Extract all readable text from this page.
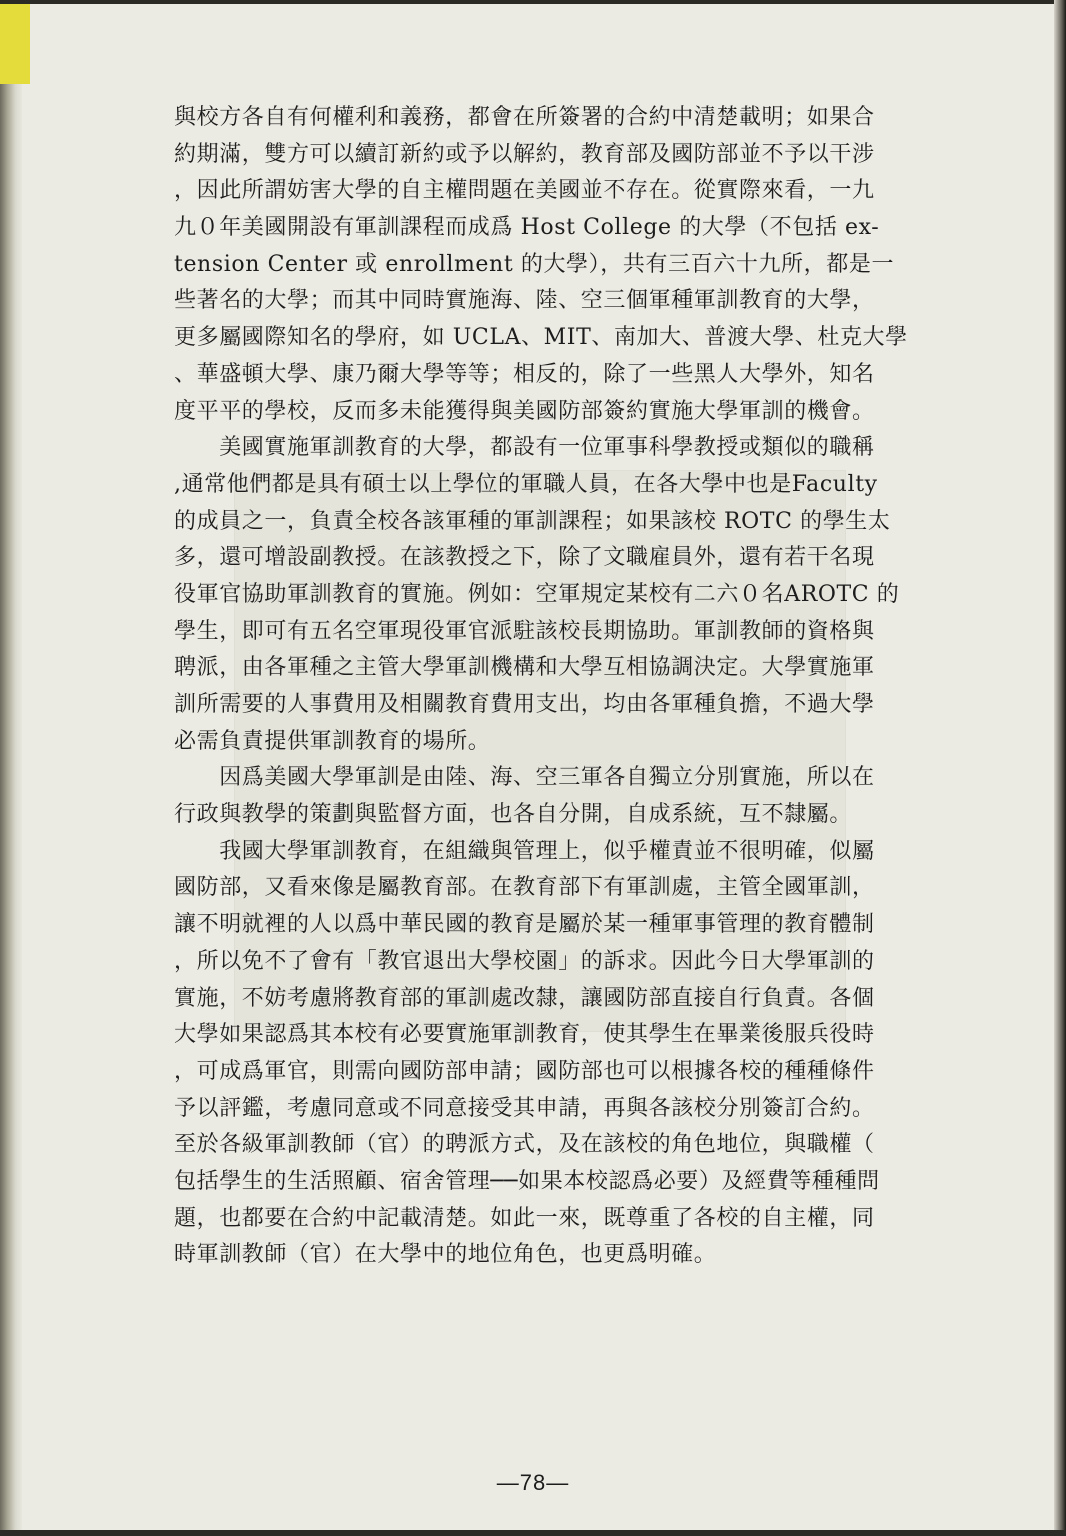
與校方各自有何權利和義務，都會在所簽署的合約中清楚載明；如果合
約期滿，雙方可以續訂新約或予以解約，教育部及國防部並不予以干涉
，因此所謂妨害大學的自主權問題在美國並不存在。從實際來看，一九
九０年美國開設有軍訓課程而成爲 Host College 的大學（不包括 ex-
tension Center 或 enrollment 的大學），共有三百六十九所，都是一
些著名的大學；而其中同時實施海、陸、空三個軍種軍訓教育的大學，
更多屬國際知名的學府，如 UCLA、MIT、南加大、普渡大學、杜克大學
、華盛頓大學、康乃爾大學等等；相反的，除了一些黑人大學外，知名
度平平的學校，反而多未能獲得與美國防部簽約實施大學軍訓的機會。
　　美國實施軍訓教育的大學，都設有一位軍事科學教授或類似的職稱
,通常他們都是具有碩士以上學位的軍職人員，在各大學中也是Faculty
的成員之一，負責全校各該軍種的軍訓課程；如果該校 ROTC 的學生太
多，還可增設副教授。在該教授之下，除了文職雇員外，還有若干名現
役軍官協助軍訓教育的實施。例如：空軍規定某校有二六０名AROTC 的
學生，即可有五名空軍現役軍官派駐該校長期協助。軍訓教師的資格與
聘派，由各軍種之主管大學軍訓機構和大學互相協調決定。大學實施軍
訓所需要的人事費用及相關教育費用支出，均由各軍種負擔，不過大學
必需負責提供軍訓教育的場所。
　　因爲美國大學軍訓是由陸、海、空三軍各自獨立分別實施，所以在
行政與教學的策劃與監督方面，也各自分開，自成系統，互不隸屬。
　　我國大學軍訓教育，在組織與管理上，似乎權責並不很明確，似屬
國防部，又看來像是屬教育部。在教育部下有軍訓處，主管全國軍訓，
讓不明就裡的人以爲中華民國的教育是屬於某一種軍事管理的教育體制
，所以免不了會有「教官退出大學校園」的訴求。因此今日大學軍訓的
實施，不妨考慮將教育部的軍訓處改隸，讓國防部直接自行負責。各個
大學如果認爲其本校有必要實施軍訓教育，使其學生在畢業後服兵役時
，可成爲軍官，則需向國防部申請；國防部也可以根據各校的種種條件
予以評鑑，考慮同意或不同意接受其申請，再與各該校分別簽訂合約。
至於各級軍訓教師（官）的聘派方式，及在該校的角色地位，與職權（
包括學生的生活照顧、宿舍管理──如果本校認爲必要）及經費等種種問
題，也都要在合約中記載清楚。如此一來，既尊重了各校的自主權，同
時軍訓教師（官）在大學中的地位角色，也更爲明確。
—78—
